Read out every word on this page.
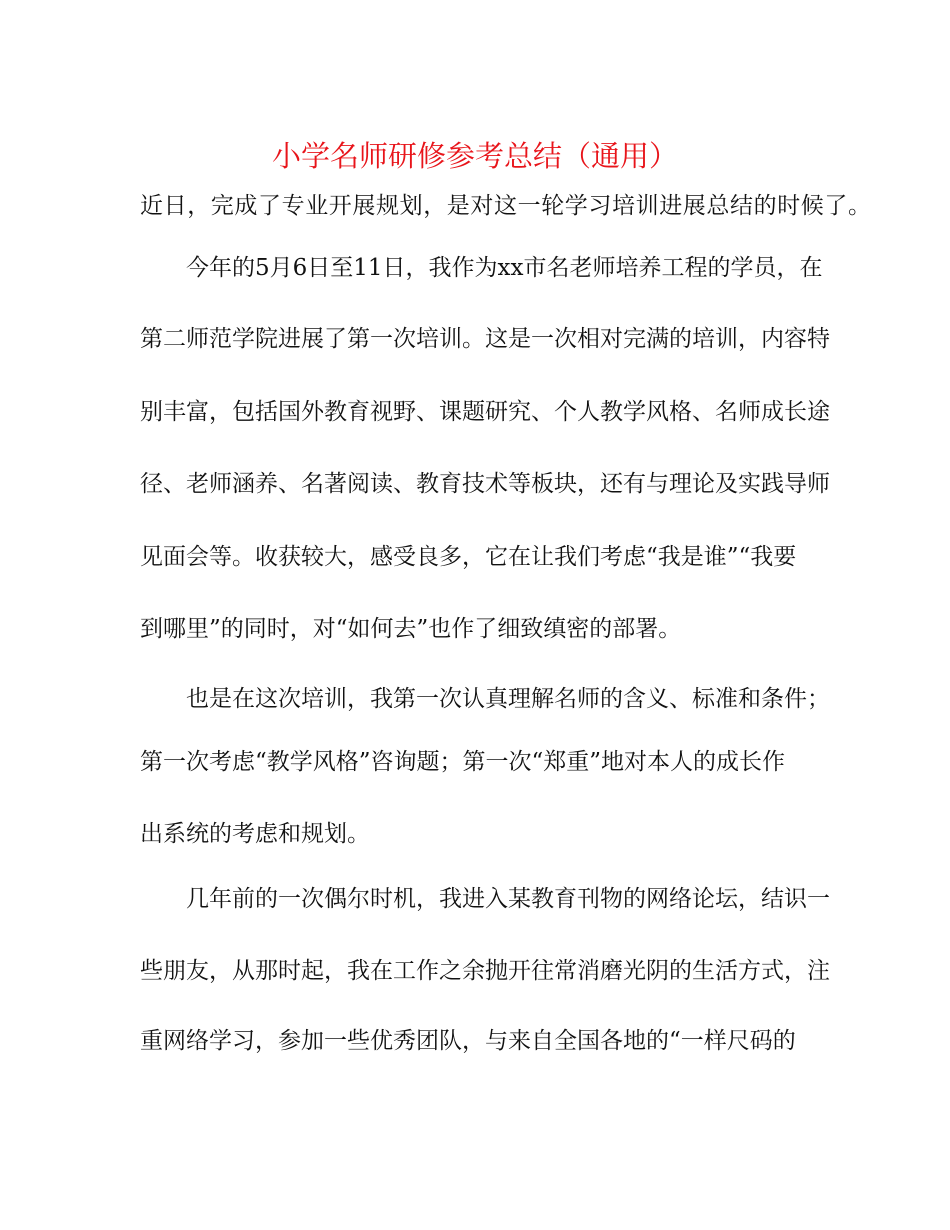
小学名师研修参考总结（通用）
近日，完成了专业开展规划，是对这一轮学习培训进展总结的时候了。
今年的5月6日至11日，我作为xx市名老师培养工程的学员，在
第二师范学院进展了第一次培训。这是一次相对完满的培训，内容特
别丰富，包括国外教育视野、课题研究、个人教学风格、名师成长途
径、老师涵养、名著阅读、教育技术等板块，还有与理论及实践导师
见面会等。收获较大，感受良多，它在让我们考虑“我是谁”“我要
到哪里”的同时，对“如何去”也作了细致缜密的部署。
也是在这次培训，我第一次认真理解名师的含义、标准和条件；
第一次考虑“教学风格”咨询题；第一次“郑重”地对本人的成长作
出系统的考虑和规划。
几年前的一次偶尔时机，我进入某教育刊物的网络论坛，结识一
些朋友，从那时起，我在工作之余抛开往常消磨光阴的生活方式，注
重网络学习，参加一些优秀团队，与来自全国各地的“一样尺码的
